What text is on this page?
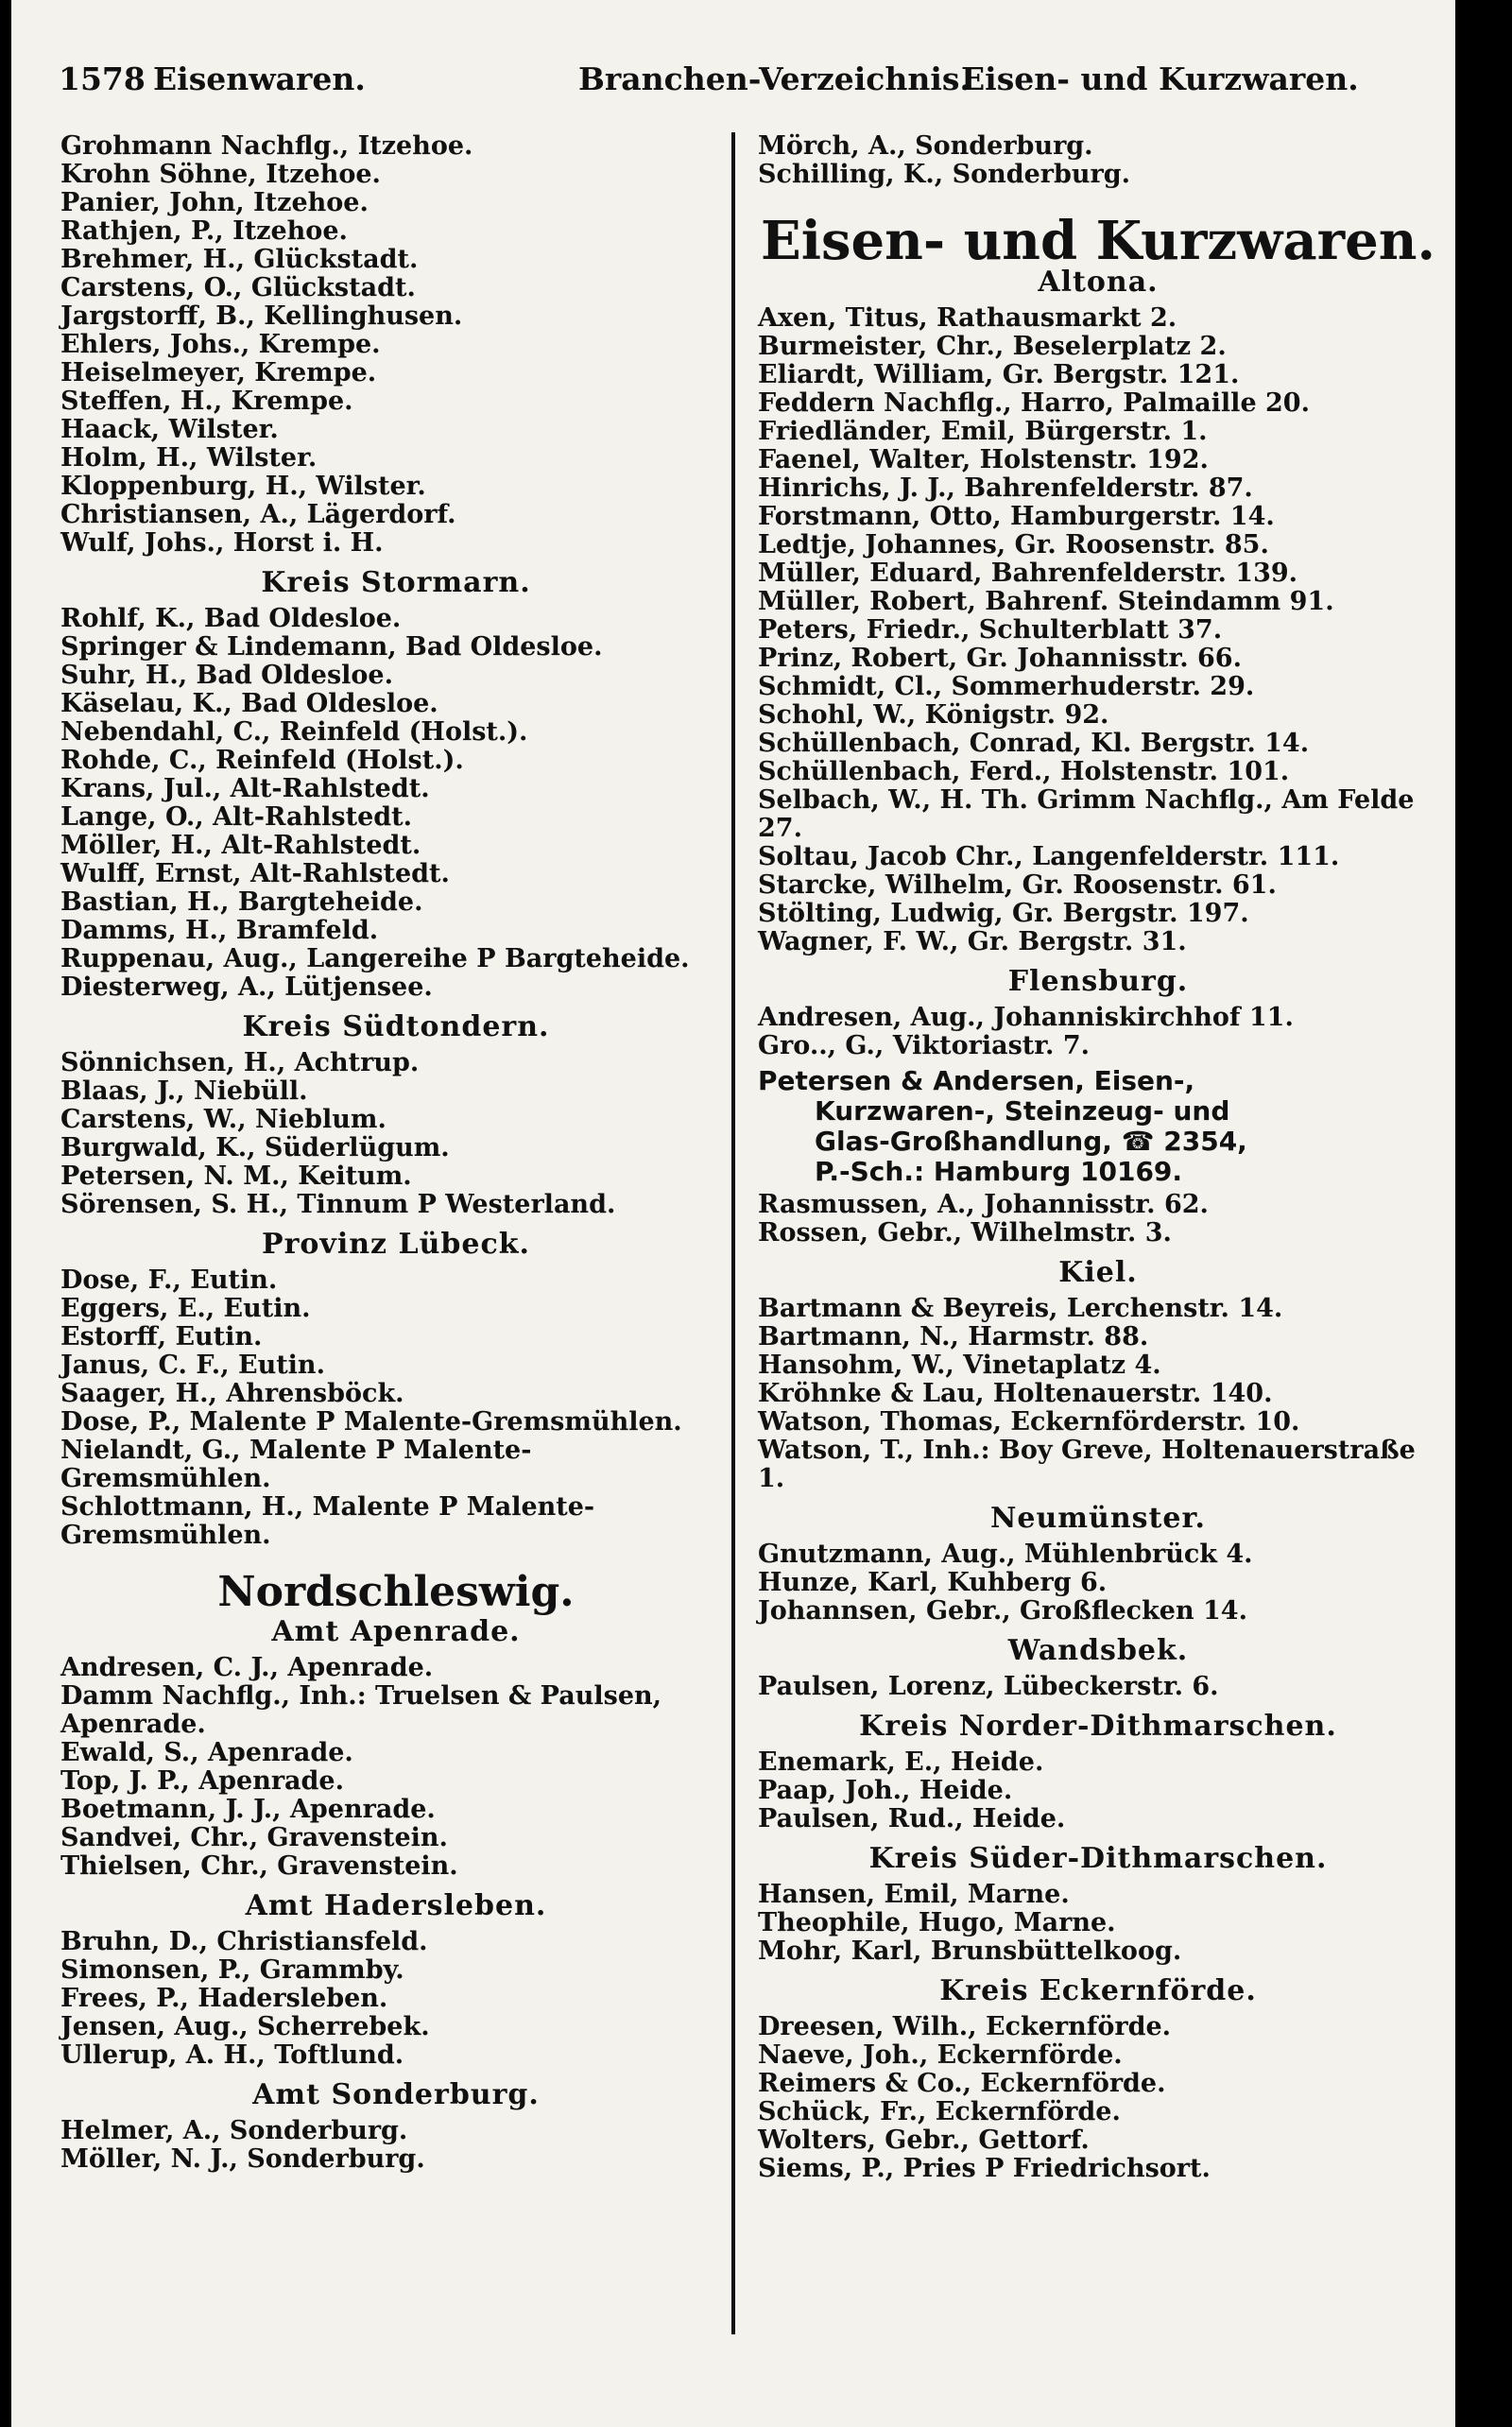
1578 Eisenwaren.	Branchen-Verzeichnis.
Eisen- und Kurzwaren.

Grohmann Nachflg., Itzehoe.

Krohn Söhne, Itzehoe.

Panier, John, Itzehoe.

Rathjen, P., Itzehoe.

Brehmer, H., Glückstadt.

Carstens, O., Glückstadt.

Jargstorff, B., Kellinghusen.

Ehlers, Johs., Krempe.

Heiselmeyer, Krempe.

Steffen, H., Krempe.

Haack, Wilster.

Holm, H., Wilster.

Kloppenburg, H., Wilster.

Christiansen, A., Lägerdorf.

Wulf, Johs., Horst i. H.

Kreis Stormarn.

Rohlf, K., Bad Oldesloe.

Springer & Lindemann, Bad Oldesloe.

Suhr, H., Bad Oldesloe.

Käselau, K., Bad Oldesloe.

Nebendahl, C., Reinfeld (Holst.).

Rohde, C., Reinfeld (Holst.).

Krans, Jul., Alt-Rahlstedt.

Lange, O., Alt-Rahlstedt.

Möller, H., Alt-Rahlstedt.

Wulff, Ernst, Alt-Rahlstedt.

Bastian, H., Bargteheide.

Damms, H., Bramfeld.

Ruppenau, Aug., Langereihe P Bargteheide.

Diesterweg, A., Lütjensee.

Kreis Südtondern.

Sönnichsen, H., Achtrup.

Blaas, J., Niebüll.

Carstens, W., Nieblum.

Burgwald, K., Süderlügum.

Petersen, N. M., Keitum.

Sörensen, S. H., Tinnum P Westerland.

Provinz Lübeck.

Dose, F., Eutin.

Eggers, E., Eutin.

Estorff, Eutin.

Janus, C. F., Eutin.

Saager, H., Ahrensböck.

Dose, P., Malente P Malente-Gremsmühlen.

Nielandt, G., Malente P Malente-Gremsmühlen.

Schlottmann, H., Malente P Malente-Gremsmühlen.

Nordschleswig.
Amt Apenrade.

Andresen, C. J., Apenrade.

Damm Nachflg., Inh.: Truelsen & Paulsen, Apenrade.

Ewald, S., Apenrade.

Top, J. P., Apenrade.

Boetmann, J. J., Apenrade.

Sandvei, Chr., Gravenstein.

Thielsen, Chr., Gravenstein.

Amt Hadersleben.

Bruhn, D., Christiansfeld.

Simonsen, P., Grammby.

Frees, P., Hadersleben.

Jensen, Aug., Scherrebek.

Ullerup, A. H., Toftlund.

Amt Sonderburg.

Helmer, A., Sonderburg.

Möller, N. J., Sonderburg.

Mörch, A., Sonderburg.

Schilling, K., Sonderburg.

Eisen- und Kurzwaren.
Altona.

Axen, Titus, Rathausmarkt 2.

Burmeister, Chr., Beselerplatz 2.

Eliardt, William, Gr. Bergstr. 121.

Feddern Nachflg., Harro, Palmaille 20.

Friedländer, Emil, Bürgerstr. 1.

Faenel, Walter, Holstenstr. 192.

Hinrichs, J. J., Bahrenfelderstr. 87.

Forstmann, Otto, Hamburgerstr. 14.

Ledtje, Johannes, Gr. Roosenstr. 85.

Müller, Eduard, Bahrenfelderstr. 139.

Müller, Robert, Bahrenf. Steindamm 91.

Peters, Friedr., Schulterblatt 37.

Prinz, Robert, Gr. Johannisstr. 66.

Schmidt, Cl., Sommerhuderstr. 29.

Schohl, W., Königstr. 92.

Schüllenbach, Conrad, Kl. Bergstr. 14.

Schüllenbach, Ferd., Holstenstr. 101.

Selbach, W., H. Th. Grimm Nachflg., Am Felde 27.

Soltau, Jacob Chr., Langenfelderstr. 111.

Starcke, Wilhelm, Gr. Roosenstr. 61.

Stölting, Ludwig, Gr. Bergstr. 197.

Wagner, F. W., Gr. Bergstr. 31.

Flensburg.

Andresen, Aug., Johanniskirchhof 11.

Gro.., G., Viktoriastr. 7.

Petersen & Andersen, Eisen-,
Kurzwaren-, Steinzeug- und
Glas-Großhandlung, ☎ 2354,
P.-Sch.: Hamburg 10169.

Rasmussen, A., Johannisstr. 62.

Rossen, Gebr., Wilhelmstr. 3.

Kiel.

Bartmann & Beyreis, Lerchenstr. 14.

Bartmann, N., Harmstr. 88.

Hansohm, W., Vinetaplatz 4.

Kröhnke & Lau, Holtenauerstr. 140.

Watson, Thomas, Eckernförderstr. 10.

Watson, T., Inh.: Boy Greve, Holtenauerstraße 1.

Neumünster.

Gnutzmann, Aug., Mühlenbrück 4.

Hunze, Karl, Kuhberg 6.

Johannsen, Gebr., Großflecken 14.

Wandsbek.

Paulsen, Lorenz, Lübeckerstr. 6.

Kreis Norder-Dithmarschen.

Enemark, E., Heide.

Paap, Joh., Heide.

Paulsen, Rud., Heide.

Kreis Süder-Dithmarschen.

Hansen, Emil, Marne.

Theophile, Hugo, Marne.

Mohr, Karl, Brunsbüttelkoog.

Kreis Eckernförde.

Dreesen, Wilh., Eckernförde.

Naeve, Joh., Eckernförde.

Reimers & Co., Eckernförde.

Schück, Fr., Eckernförde.

Wolters, Gebr., Gettorf.

Siems, P., Pries P Friedrichsort.
